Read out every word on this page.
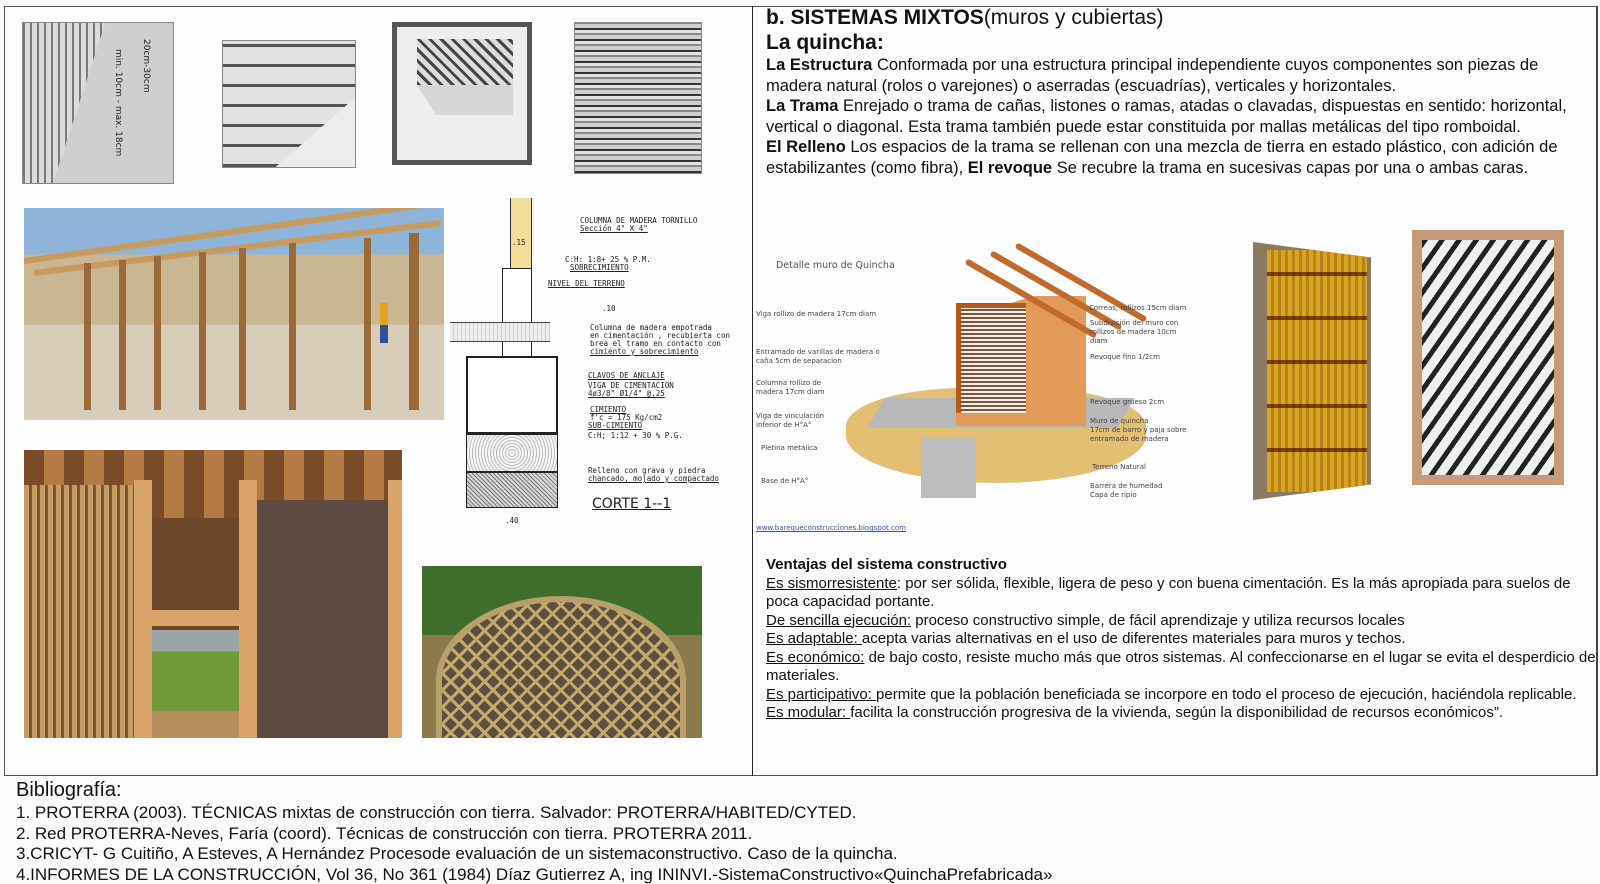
20cm-30cm
min. 10cm - max. 18cm
COLUMNA DE MADERA TORNILLO
Sección 4" X 4"
.15
C:H: 1:8+ 25 % P.M.
SOBRECIMIENTO
NIVEL DEL TERRENO
.10
Columna de madera empotrada
en cimentación , recubierta con
brea el tramo en contacto con
cimiento y sobrecimiento
CLAVOS DE ANCLAJE
VIGA DE CIMENTACION
4ø3/8" Ø1/4" @.25
CIMIENTO
f'c = 175 Kg/cm2
SUB-CIMIENTO
C:H; 1:12 + 30 % P.G.
Relleno con grava y piedra
chancado, mojado y compactado
.40
CORTE 1--1
b. SISTEMAS MIXTOS(muros y cubiertas)
La quincha:
La Estructura Conformada por una estructura principal independiente cuyos componentes son piezas de madera natural (rolos o varejones) o aserradas (escuadrías), verticales y horizontales.
La Trama Enrejado o trama de cañas, listones o ramas, atadas o clavadas, dispuestas en sentido: horizontal, vertical o diagonal. Esta trama también puede estar constituida por mallas metálicas del tipo romboidal.
El Relleno Los espacios de la trama se rellenan con una mezcla de tierra en estado plástico, con adición de estabilizantes (como fibra), El revoque Se recubre la trama en sucesivas capas por una o ambas caras.
Detalle muro de Quincha
Viga rollizo de madera 17cm diam
Entramado de varillas de madera o
caña 5cm de separacion
Columna rollizo de
madera 17cm diam
Viga de vinculación
inferior de H°A°
Pletina metálica
Base de H°A°
Correas, rollizos 15cm diam
Subdivisión del muro con
rollizos de madera 10cm
diam
Revoque fino 1/2cm
Revoque grueso 2cm
Muro de quincha
17cm de barro y paja sobre
entramado de madera
Terreno Natural
Barrera de humedad
Capa de ripio
www.barequeconstrucciones.blogspot.com
Ventajas del sistema constructivo
Es sismorresistente: por ser sólida, flexible, ligera de peso y con buena cimentación. Es la más apropiada para suelos de poca capacidad portante.
De sencilla ejecución: proceso constructivo simple, de fácil aprendizaje y utiliza recursos locales
Es adaptable: acepta varias alternativas en el uso de diferentes materiales para muros y techos.
Es económico: de bajo costo, resiste mucho más que otros sistemas. Al confeccionarse en el lugar se evita el desperdicio de materiales.
Es participativo: permite que la población beneficiada se incorpore en todo el proceso de ejecución, haciéndola replicable.
Es modular: facilita la construcción progresiva de la vivienda, según la disponibilidad de recursos económicos”.
Bibliografía:
1. PROTERRA (2003). TÉCNICAS mixtas de construcción con tierra. Salvador: PROTERRA/HABITED/CYTED.
2. Red PROTERRA-Neves, Faría (coord). Técnicas de construcción con tierra. PROTERRA 2011.
3.CRICYT- G Cuitiño, A Esteves, A Hernández Procesode evaluación de un sistemaconstructivo. Caso de la quincha.
4.INFORMES DE LA CONSTRUCCIÓN, Vol 36, No 361 (1984) Díaz Gutierrez A, ing ININVI.-SistemaConstructivo«QuinchaPrefabricada»
